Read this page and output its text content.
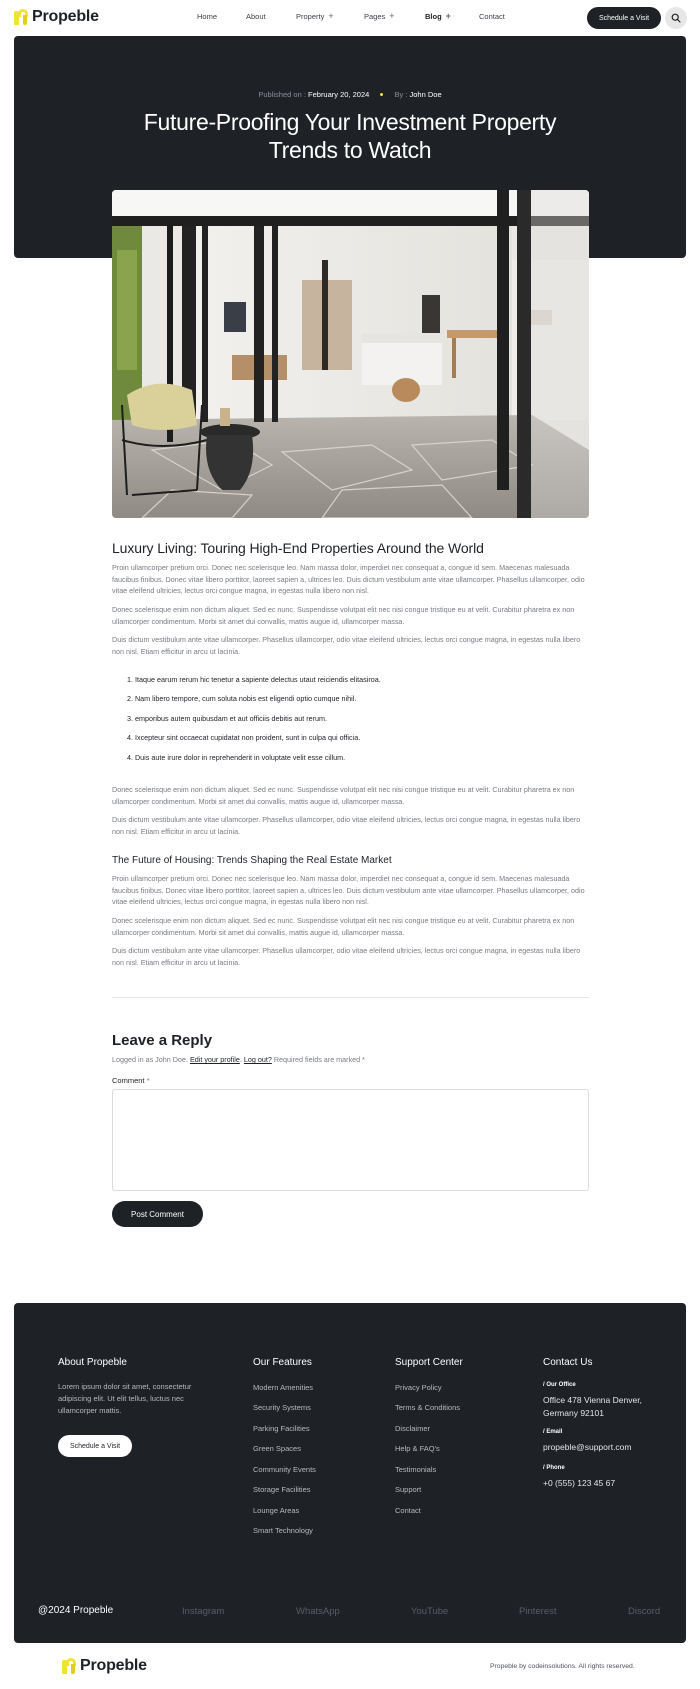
Propeble	Home	About	Property +	Pages +	Blog +	Contact	Schedule a Visit
Published on : February 20, 2024	By : John Doe
Future-Proofing Your Investment Property Trends to Watch
Luxury Living: Touring High-End Properties Around the World

Proin ullamcorper pretium orci. Donec nec scelerisque leo. Nam massa dolor, imperdiet nec consequat a, congue id sem. Maecenas malesuada faucibus finibus. Donec vitae libero porttitor, laoreet sapien a, ultrices leo. Duis dictum vestibulum ante vitae ullamcorper. Phasellus ullamcorper, odio vitae eleifend ultricies, lectus orci congue magna, in egestas nulla libero non nisl.

Donec scelerisque enim non dictum aliquet. Sed ec nunc. Suspendisse volutpat elit nec nisi congue tristique eu at velit. Curabitur pharetra ex non ullamcorper condimentum. Morbi sit amet dui convallis, mattis augue id, ullamcorper massa.

Duis dictum vestibulum ante vitae ullamcorper. Phasellus ullamcorper, odio vitae eleifend ultricies, lectus orci congue magna, in egestas nulla libero non nisl. Etiam efficitur in arcu ut lacinia.

1. Itaque earum rerum hic tenetur a sapiente delectus utaut reiciendis elitasiroa.
2. Nam libero tempore, cum soluta nobis est eligendi optio cumque nihil.
3. emporibus autem quibusdam et aut officiis debitis aut rerum.
4. Ixcepteur sint occaecat cupidatat non proident, sunt in culpa qui officia.
4. Duis aute irure dolor in reprehenderit in voluptate velit esse cillum.

Donec scelerisque enim non dictum aliquet. Sed ec nunc. Suspendisse volutpat elit nec nisi congue tristique eu at velit. Curabitur pharetra ex non ullamcorper condimentum. Morbi sit amet dui convallis, mattis augue id, ullamcorper massa.

Duis dictum vestibulum ante vitae ullamcorper. Phasellus ullamcorper, odio vitae eleifend ultricies, lectus orci congue magna, in egestas nulla libero non nisl. Etiam efficitur in arcu ut lacinia.

The Future of Housing: Trends Shaping the Real Estate Market

Proin ullamcorper pretium orci. Donec nec scelerisque leo. Nam massa dolor, imperdiet nec consequat a, congue id sem. Maecenas malesuada faucibus finibus. Donec vitae libero porttitor, laoreet sapien a, ultrices leo. Duis dictum vestibulum ante vitae ullamcorper. Phasellus ullamcorper, odio vitae eleifend ultricies, lectus orci congue magna, in egestas nulla libero non nisl.

Donec scelerisque enim non dictum aliquet. Sed ec nunc. Suspendisse volutpat elit nec nisi congue tristique eu at velit. Curabitur pharetra ex non ullamcorper condimentum. Morbi sit amet dui convallis, mattis augue id, ullamcorper massa.

Duis dictum vestibulum ante vitae ullamcorper. Phasellus ullamcorper, odio vitae eleifend ultricies, lectus orci congue magna, in egestas nulla libero non nisl. Etiam efficitur in arcu ut lacinia.

Leave a Reply
Logged in as John Doe. Edit your profile. Log out? Required fields are marked *
Comment *
Post Comment
About Propeble
Lorem ipsum dolor sit amet, consectetur adipiscing elit. Ut elit tellus, luctus nec ullamcorper mattis.
Schedule a Visit
Our Features
Modern Amenities
Security Systems
Parking Facilities
Green Spaces
Community Events
Storage Facilities
Lounge Areas
Smart Technology
Support Center
Privacy Policy
Terms & Conditions
Disclaimer
Help & FAQ's
Testimonials
Support
Contact
Contact Us
/ Our Office
Office 478 Vienna Denver, Germany 92101
/ Email
propeble@support.com
/ Phone
+0 (555) 123 45 67
@2024 Propeble	Instagram	WhatsApp	YouTube	Pinterest	Discord
Propeble	Propeble by codeinsolutions. All rights reserved.
